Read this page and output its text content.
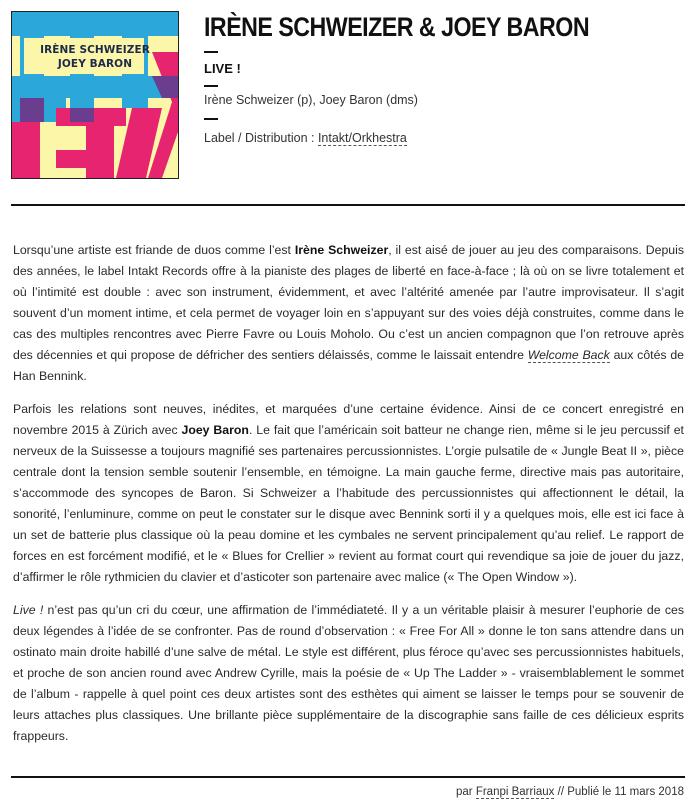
IRÈNE SCHWEIZER
JOEY BARON
IRÈNE SCHWEIZER & JOEY BARON
LIVE !
Irène Schweizer (p), Joey Baron (dms)
Label / Distribution : Intakt/Orkhestra

Lorsqu’une artiste est friande de duos comme l’est Irène Schweizer, il est aisé de jouer au jeu des comparaisons. Depuis des années, le label Intakt Records offre à la pianiste des plages de liberté en face-à-face ; là où on se livre totalement et où l’intimité est double : avec son instrument, évidemment, et avec l’altérité amenée par l’autre improvisateur. Il s’agit souvent d’un moment intime, et cela permet de voyager loin en s’appuyant sur des voies déjà construites, comme dans le cas des multiples rencontres avec Pierre Favre ou Louis Moholo. Ou c’est un ancien compagnon que l’on retrouve après des décennies et qui propose de défricher des sentiers délaissés, comme le laissait entendre Welcome Back aux côtés de Han Bennink.

Parfois les relations sont neuves, inédites, et marquées d’une certaine évidence. Ainsi de ce concert enregistré en novembre 2015 à Zürich avec Joey Baron. Le fait que l’américain soit batteur ne change rien, même si le jeu percussif et nerveux de la Suissesse a toujours magnifié ses partenaires percussionnistes. L’orgie pulsatile de « Jungle Beat II », pièce centrale dont la tension semble soutenir l’ensemble, en témoigne. La main gauche ferme, directive mais pas autoritaire, s’accommode des syncopes de Baron. Si Schweizer a l’habitude des percussionnistes qui affectionnent le détail, la sonorité, l’enluminure, comme on peut le constater sur le disque avec Bennink sorti il y a quelques mois, elle est ici face à un set de batterie plus classique où la peau domine et les cymbales ne servent principalement qu’au relief. Le rapport de forces en est forcément modifié, et le « Blues for Crellier » revient au format court qui revendique sa joie de jouer du jazz, d’affirmer le rôle rythmicien du clavier et d’asticoter son partenaire avec malice (« The Open Window »).

Live ! n’est pas qu’un cri du cœur, une affirmation de l’immédiateté. Il y a un véritable plaisir à mesurer l’euphorie de ces deux légendes à l’idée de se confronter. Pas de round d’observation : « Free For All » donne le ton sans attendre dans un ostinato main droite habillé d’une salve de métal. Le style est différent, plus féroce qu’avec ses percussionnistes habituels, et proche de son ancien round avec Andrew Cyrille, mais la poésie de « Up The Ladder » - vraisemblablement le sommet de l’album - rappelle à quel point ces deux artistes sont des esthètes qui aiment se laisser le temps pour se souvenir de leurs attaches plus classiques. Une brillante pièce supplémentaire de la discographie sans faille de ces délicieux esprits frappeurs.

par Franpi Barriaux // Publié le 11 mars 2018
